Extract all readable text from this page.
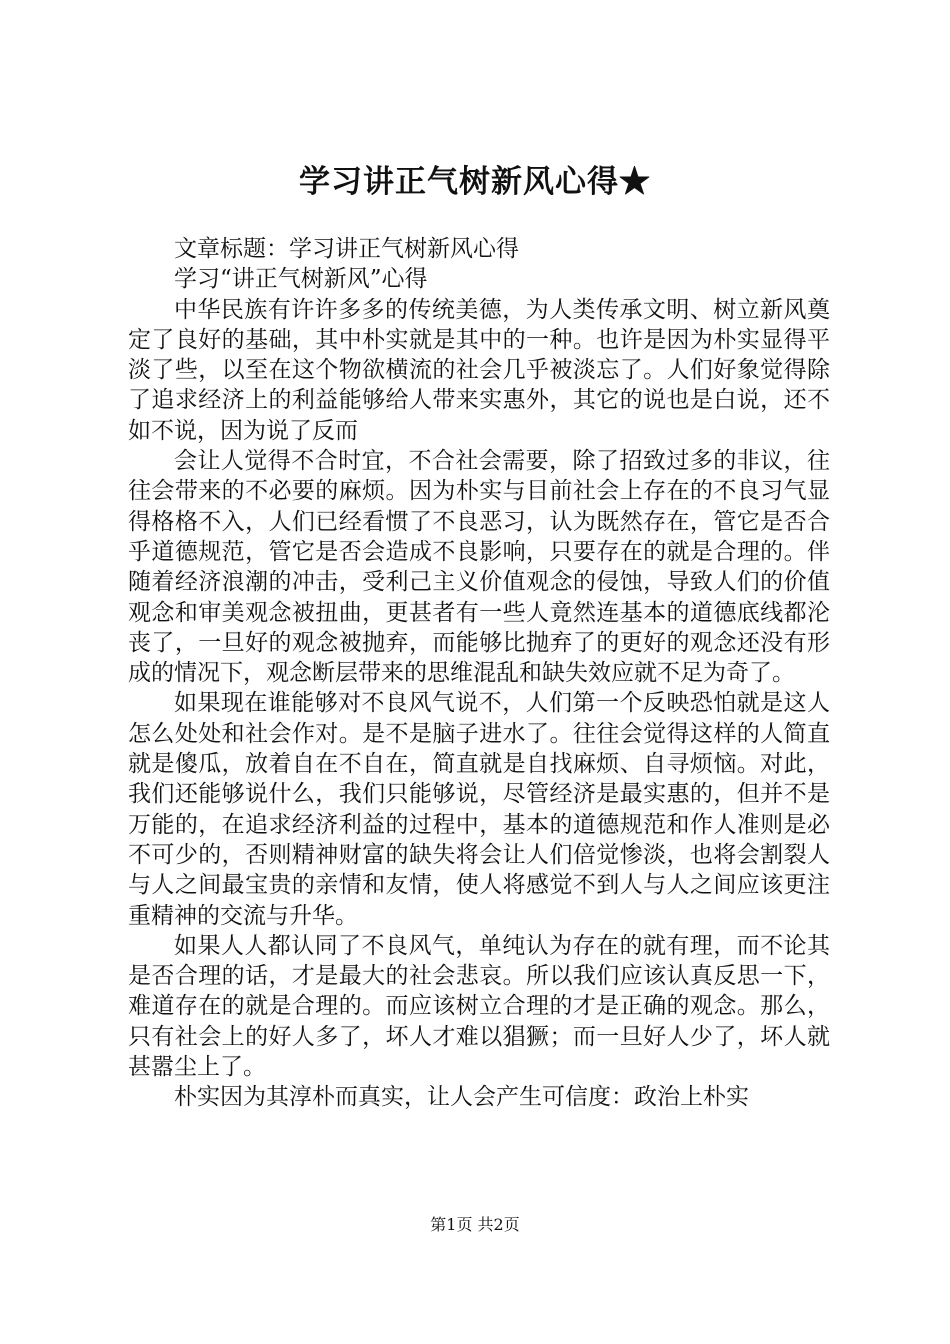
学习讲正气树新风心得★

文章标题：学习讲正气树新风心得

学习“讲正气树新风”心得

中华民族有许许多多的传统美德，为人类传承文明、树立新风奠定了良好的基础，其中朴实就是其中的一种。也许是因为朴实显得平淡了些，以至在这个物欲横流的社会几乎被淡忘了。人们好象觉得除了追求经济上的利益能够给人带来实惠外，其它的说也是白说，还不如不说，因为说了反而

会让人觉得不合时宜，不合社会需要，除了招致过多的非议，往往会带来的不必要的麻烦。因为朴实与目前社会上存在的不良习气显得格格不入，人们已经看惯了不良恶习，认为既然存在，管它是否合乎道德规范，管它是否会造成不良影响，只要存在的就是合理的。伴随着经济浪潮的冲击，受利己主义价值观念的侵蚀，导致人们的价值观念和审美观念被扭曲，更甚者有一些人竟然连基本的道德底线都沦丧了，一旦好的观念被抛弃，而能够比抛弃了的更好的观念还没有形成的情况下，观念断层带来的思维混乱和缺失效应就不足为奇了。

如果现在谁能够对不良风气说不，人们第一个反映恐怕就是这人怎么处处和社会作对。是不是脑子进水了。往往会觉得这样的人简直就是傻瓜，放着自在不自在，简直就是自找麻烦、自寻烦恼。对此，我们还能够说什么，我们只能够说，尽管经济是最实惠的，但并不是万能的，在追求经济利益的过程中，基本的道德规范和作人准则是必不可少的，否则精神财富的缺失将会让人们倍觉惨淡，也将会割裂人与人之间最宝贵的亲情和友情，使人将感觉不到人与人之间应该更注重精神的交流与升华。

如果人人都认同了不良风气，单纯认为存在的就有理，而不论其是否合理的话，才是最大的社会悲哀。所以我们应该认真反思一下，难道存在的就是合理的。而应该树立合理的才是正确的观念。那么，只有社会上的好人多了，坏人才难以猖獗；而一旦好人少了，坏人就甚嚣尘上了。

朴实因为其淳朴而真实，让人会产生可信度：政治上朴实

第1页 共2页
